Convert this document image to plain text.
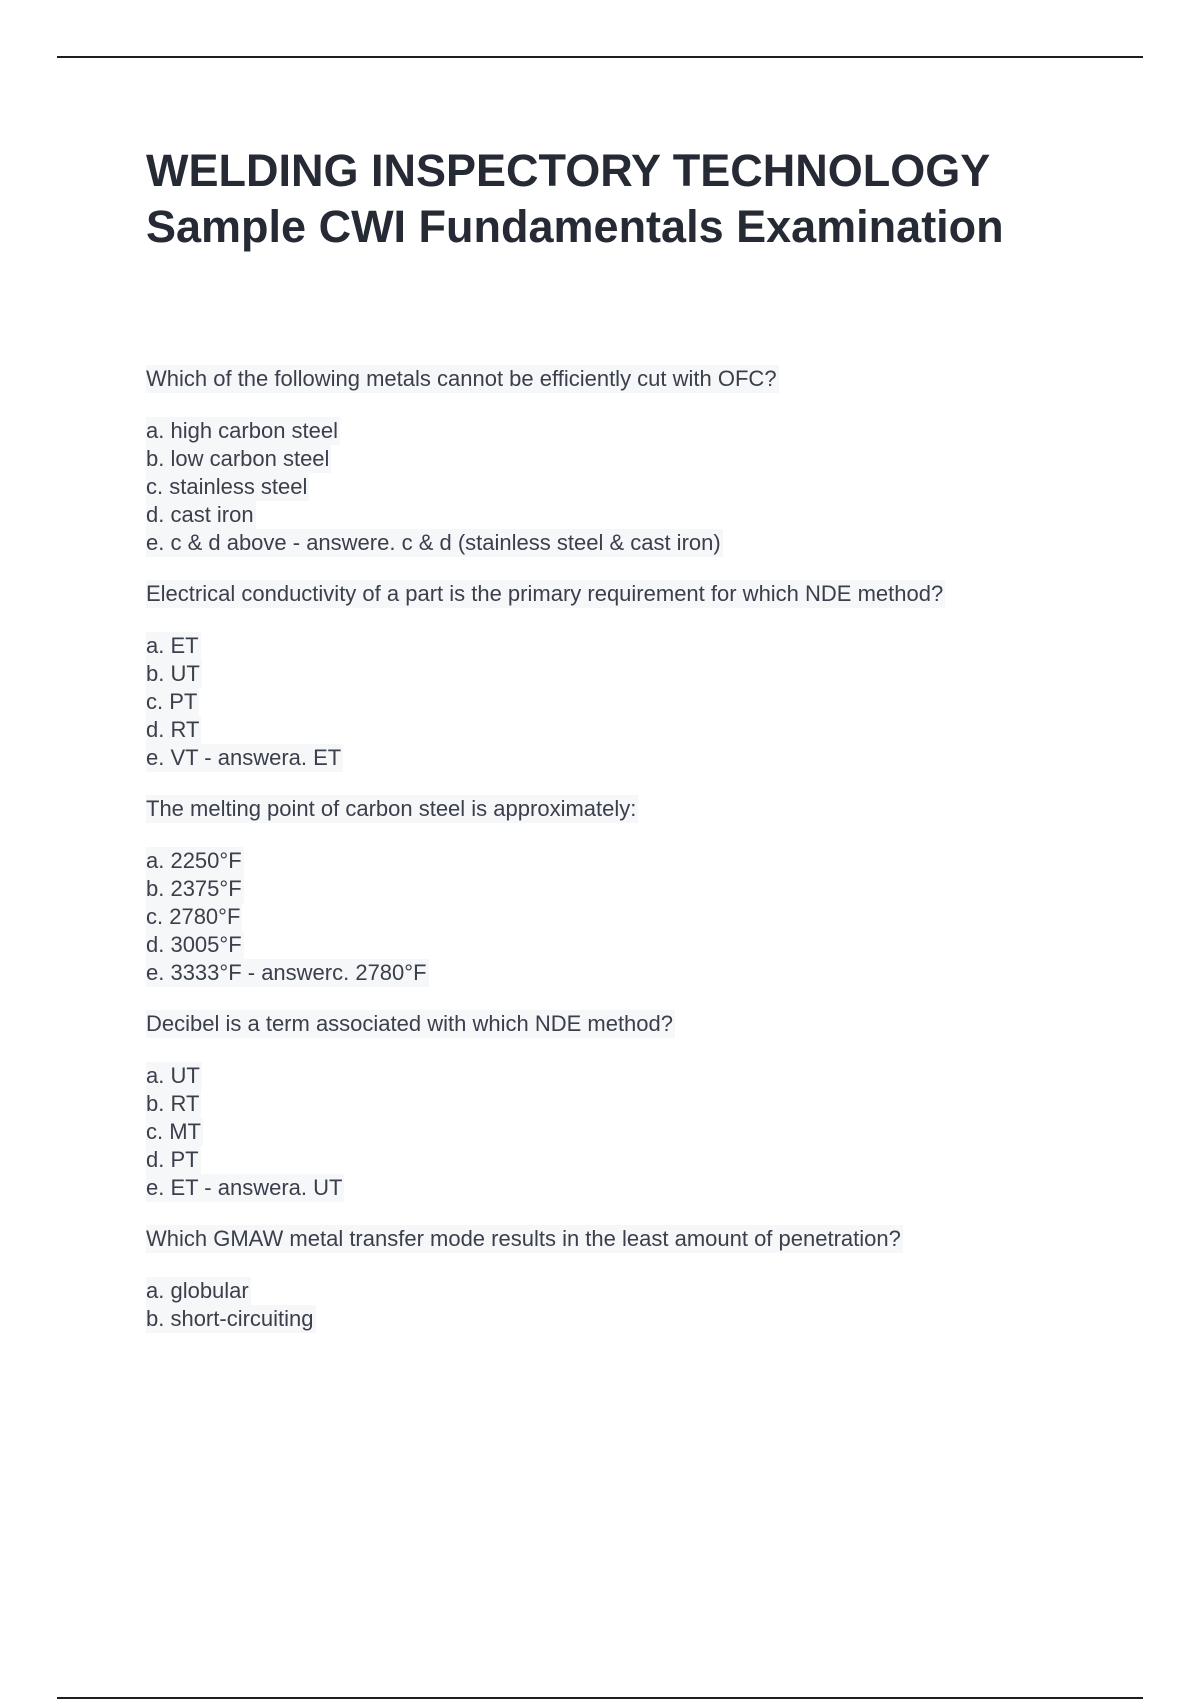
WELDING INSPECTORY TECHNOLOGY Sample CWI Fundamentals Examination
Which of the following metals cannot be efficiently cut with OFC?
a. high carbon steel
b. low carbon steel
c. stainless steel
d. cast iron
e. c & d above - answere. c & d (stainless steel & cast iron)
Electrical conductivity of a part is the primary requirement for which NDE method?
a. ET
b. UT
c. PT
d. RT
e. VT - answera. ET
The melting point of carbon steel is approximately:
a. 2250°F
b. 2375°F
c. 2780°F
d. 3005°F
e. 3333°F - answerc. 2780°F
Decibel is a term associated with which NDE method?
a. UT
b. RT
c. MT
d. PT
e. ET - answera. UT
Which GMAW metal transfer mode results in the least amount of penetration?
a. globular
b. short-circuiting
